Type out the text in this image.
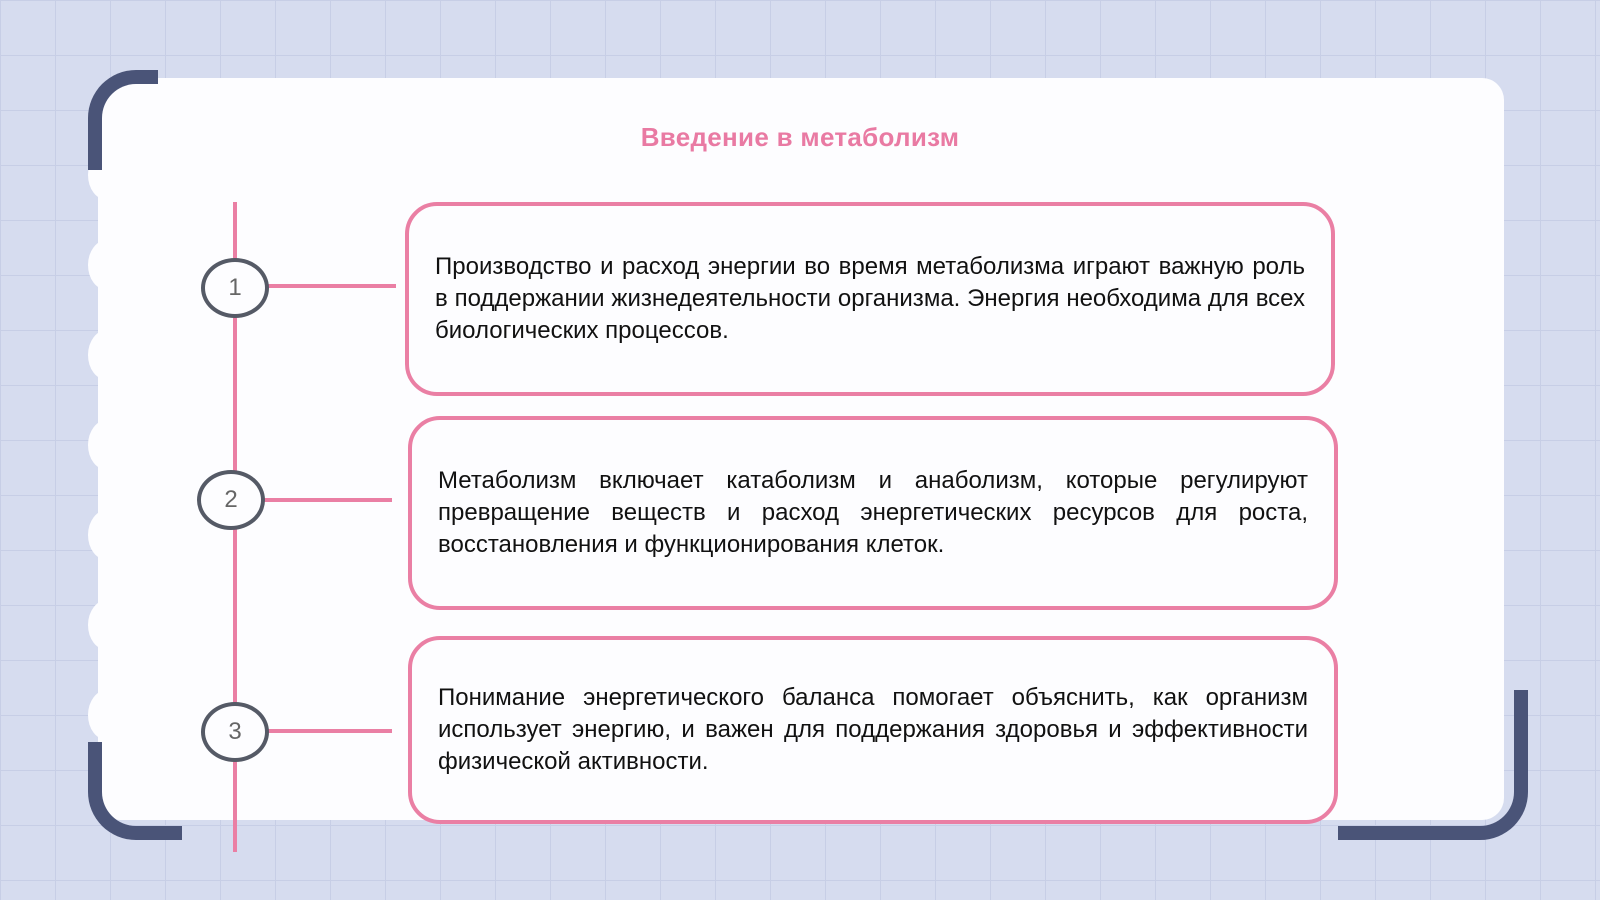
Введение в метаболизм
1
2
3

Производство и расход энергии во время метаболизма играют важную роль в поддержании жизнедеятельности организма. Энергия необходима для всех биологических процессов.

Метаболизм включает катаболизм и анаболизм, которые регулируют превращение веществ и расход энергетических ресурсов для роста, восстановления и функционирования клеток.

Понимание энергетического баланса помогает объяснить, как организм использует энергию, и важен для поддержания здоровья и эффективности физической активности.
